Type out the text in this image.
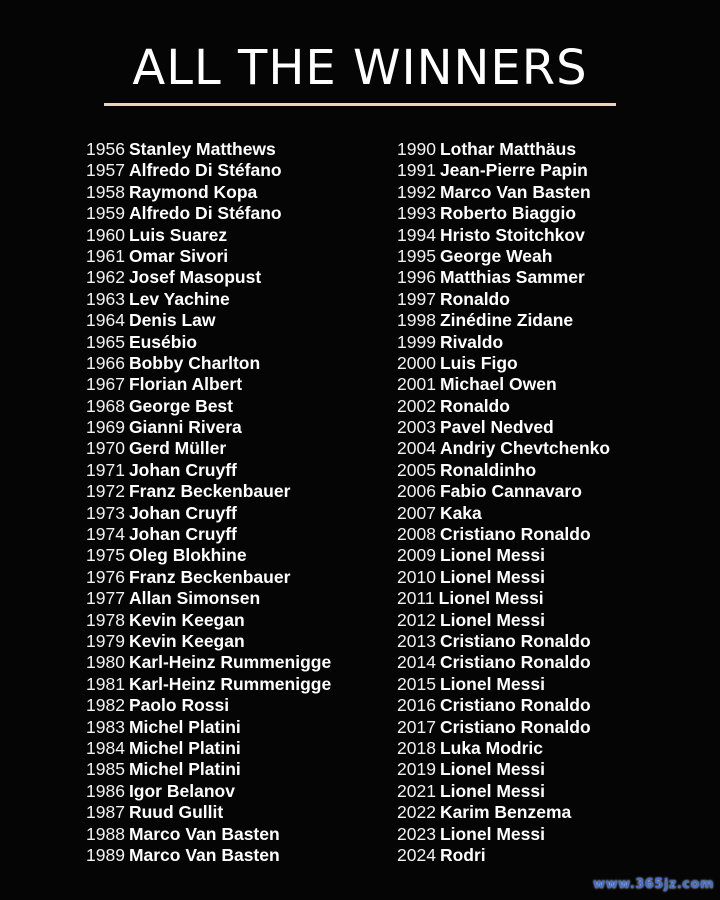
ALL THE WINNERS
1956 Stanley Matthews
1957 Alfredo Di Stéfano
1958 Raymond Kopa
1959 Alfredo Di Stéfano
1960 Luis Suarez
1961 Omar Sivori
1962 Josef Masopust
1963 Lev Yachine
1964 Denis Law
1965 Eusébio
1966 Bobby Charlton
1967 Florian Albert
1968 George Best
1969 Gianni Rivera
1970 Gerd Müller
1971 Johan Cruyff
1972 Franz Beckenbauer
1973 Johan Cruyff
1974 Johan Cruyff
1975 Oleg Blokhine
1976 Franz Beckenbauer
1977 Allan Simonsen
1978 Kevin Keegan
1979 Kevin Keegan
1980 Karl-Heinz Rummenigge
1981 Karl-Heinz Rummenigge
1982 Paolo Rossi
1983 Michel Platini
1984 Michel Platini
1985 Michel Platini
1986 Igor Belanov
1987 Ruud Gullit
1988 Marco Van Basten
1989 Marco Van Basten
1990 Lothar Matthäus
1991 Jean-Pierre Papin
1992 Marco Van Basten
1993 Roberto Biaggio
1994 Hristo Stoitchkov
1995 George Weah
1996 Matthias Sammer
1997 Ronaldo
1998 Zinédine Zidane
1999 Rivaldo
2000 Luis Figo
2001 Michael Owen
2002 Ronaldo
2003 Pavel Nedved
2004 Andriy Chevtchenko
2005 Ronaldinho
2006 Fabio Cannavaro
2007 Kaka
2008 Cristiano Ronaldo
2009 Lionel Messi
2010 Lionel Messi
2011 Lionel Messi
2012 Lionel Messi
2013 Cristiano Ronaldo
2014 Cristiano Ronaldo
2015 Lionel Messi
2016 Cristiano Ronaldo
2017 Cristiano Ronaldo
2018 Luka Modric
2019 Lionel Messi
2021 Lionel Messi
2022 Karim Benzema
2023 Lionel Messi
2024 Rodri
www.365jz.com
